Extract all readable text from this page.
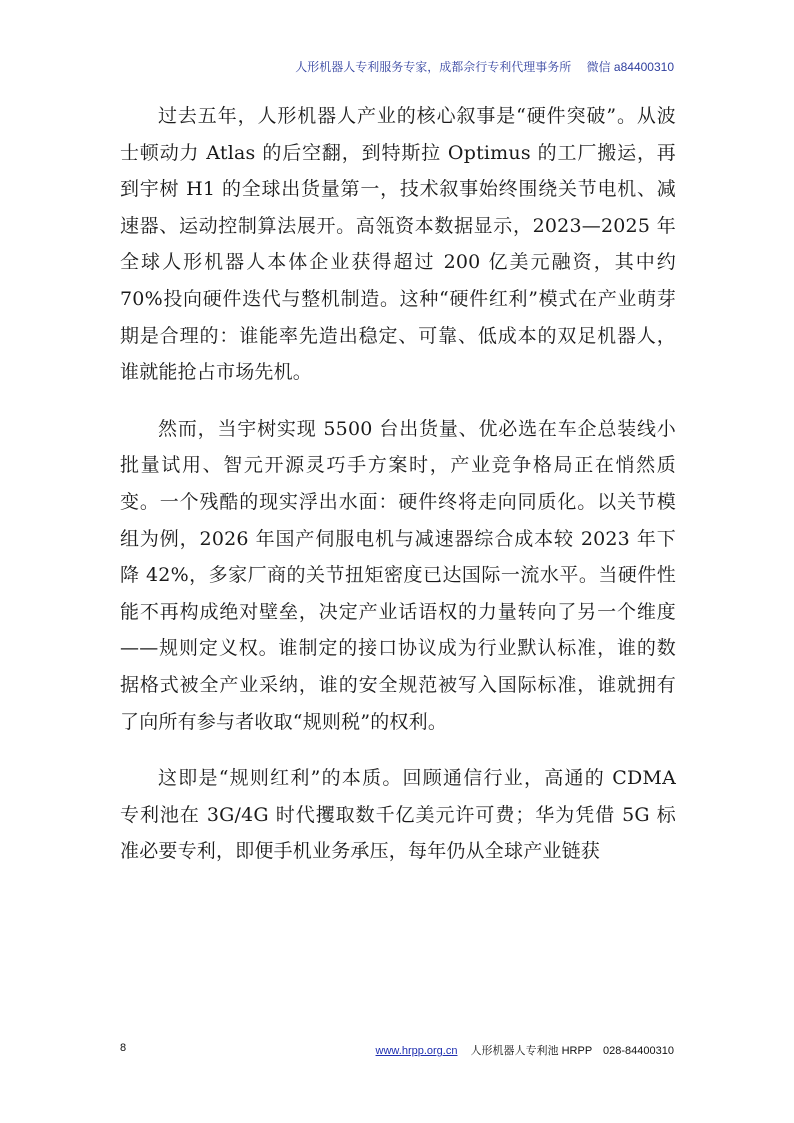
人形机器人专利服务专家，成都佘行专利代理事务所 微信 a84400310

过去五年，人形机器人产业的核心叙事是“硬件突破”。从波士顿动力 Atlas 的后空翻，到特斯拉 Optimus 的工厂搬运，再到宇树 H1 的全球出货量第一，技术叙事始终围绕关节电机、减速器、运动控制算法展开。高瓴资本数据显示，2023—2025 年全球人形机器人本体企业获得超过 200 亿美元融资，其中约 70%投向硬件迭代与整机制造。这种“硬件红利”模式在产业萌芽期是合理的：谁能率先造出稳定、可靠、低成本的双足机器人，谁就能抢占市场先机。

然而，当宇树实现 5500 台出货量、优必选在车企总装线小批量试用、智元开源灵巧手方案时，产业竞争格局正在悄然质变。一个残酷的现实浮出水面：硬件终将走向同质化。以关节模组为例，2026 年国产伺服电机与减速器综合成本较 2023 年下降 42%，多家厂商的关节扭矩密度已达国际一流水平。当硬件性能不再构成绝对壁垒，决定产业话语权的力量转向了另一个维度——规则定义权。谁制定的接口协议成为行业默认标准，谁的数据格式被全产业采纳，谁的安全规范被写入国际标准，谁就拥有了向所有参与者收取“规则税”的权利。

这即是“规则红利”的本质。回顾通信行业，高通的 CDMA 专利池在 3G/4G 时代攫取数千亿美元许可费；华为凭借 5G 标准必要专利，即便手机业务承压，每年仍从全球产业链获

8	www.hrpp.org.cn 人形机器人专利池 HRPP 028-84400310
